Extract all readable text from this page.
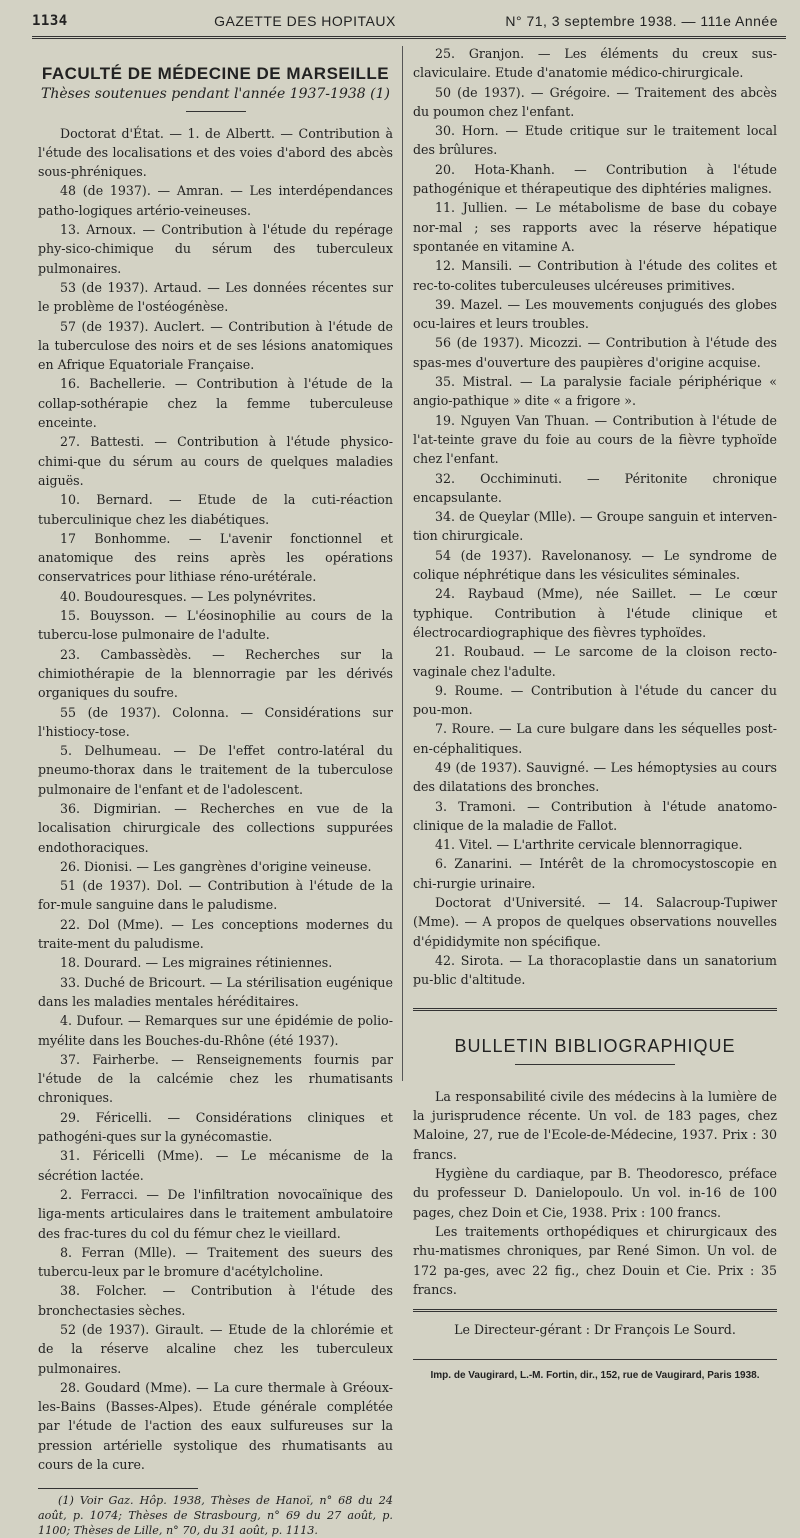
1134	GAZETTE DES HOPITAUX	N° 71, 3 septembre 1938. — 111e Année
FACULTÉ DE MÉDECINE DE MARSEILLE
Thèses soutenues pendant l'année 1937-1938 (1)

Doctorat d'État. — 1. de Albertt. — Contribution à l'étude des localisations et des voies d'abord des abcès sous-phréniques.

48 (de 1937). — Amran. — Les interdépendances patho-logiques artério-veineuses.

13. Arnoux. — Contribution à l'étude du repérage phy-sico-chimique du sérum des tuberculeux pulmonaires.

53 (de 1937). Artaud. — Les données récentes sur le problème de l'ostéogénèse.

57 (de 1937). Auclert. — Contribution à l'étude de la tuberculose des noirs et de ses lésions anatomiques en Afrique Equatoriale Française.

16. Bachellerie. — Contribution à l'étude de la collap-sothérapie chez la femme tuberculeuse enceinte.

27. Battesti. — Contribution à l'étude physico-chimi-que du sérum au cours de quelques maladies aiguës.

10. Bernard. — Etude de la cuti-réaction tuberculinique chez les diabétiques.

17 Bonhomme. — L'avenir fonctionnel et anatomique des reins après les opérations conservatrices pour lithiase réno-urétérale.

40. Boudouresques. — Les polynévrites.

15. Bouysson. — L'éosinophilie au cours de la tubercu-lose pulmonaire de l'adulte.

23. Cambassèdès. — Recherches sur la chimiothérapie de la blennorragie par les dérivés organiques du soufre.

55 (de 1937). Colonna. — Considérations sur l'histiocy-tose.

5. Delhumeau. — De l'effet contro-latéral du pneumo-thorax dans le traitement de la tuberculose pulmonaire de l'enfant et de l'adolescent.

36. Digmirian. — Recherches en vue de la localisation chirurgicale des collections suppurées endothoraciques.

26. Dionisi. — Les gangrènes d'origine veineuse.

51 (de 1937). Dol. — Contribution à l'étude de la for-mule sanguine dans le paludisme.

22. Dol (Mme). — Les conceptions modernes du traite-ment du paludisme.

18. Dourard. — Les migraines rétiniennes.

33. Duché de Bricourt. — La stérilisation eugénique dans les maladies mentales héréditaires.

4. Dufour. — Remarques sur une épidémie de polio-myélite dans les Bouches-du-Rhône (été 1937).

37. Fairherbe. — Renseignements fournis par l'étude de la calcémie chez les rhumatisants chroniques.

29. Féricelli. — Considérations cliniques et pathogéni-ques sur la gynécomastie.

31. Féricelli (Mme). — Le mécanisme de la sécrétion lactée.

2. Ferracci. — De l'infiltration novocaïnique des liga-ments articulaires dans le traitement ambulatoire des frac-tures du col du fémur chez le vieillard.

8. Ferran (Mlle). — Traitement des sueurs des tubercu-leux par le bromure d'acétylcholine.

38. Folcher. — Contribution à l'étude des bronchectasies sèches.

52 (de 1937). Girault. — Etude de la chlorémie et de la réserve alcaline chez les tuberculeux pulmonaires.

28. Goudard (Mme). — La cure thermale à Gréoux-les-Bains (Basses-Alpes). Etude générale complétée par l'étude de l'action des eaux sulfureuses sur la pression artérielle systolique des rhumatisants au cours de la cure.

(1) Voir Gaz. Hôp. 1938, Thèses de Hanoï, n° 68 du 24 août, p. 1074; Thèses de Strasbourg, n° 69 du 27 août, p. 1100; Thèses de Lille, n° 70, du 31 août, p. 1113.

25. Granjon. — Les éléments du creux sus-claviculaire. Etude d'anatomie médico-chirurgicale.

50 (de 1937). — Grégoire. — Traitement des abcès du poumon chez l'enfant.

30. Horn. — Etude critique sur le traitement local des brûlures.

20. Hota-Khanh. — Contribution à l'étude pathogénique et thérapeutique des diphtéries malignes.

11. Jullien. — Le métabolisme de base du cobaye nor-mal ; ses rapports avec la réserve hépatique spontanée en vitamine A.

12. Mansili. — Contribution à l'étude des colites et rec-to-colites tuberculeuses ulcéreuses primitives.

39. Mazel. — Les mouvements conjugués des globes ocu-laires et leurs troubles.

56 (de 1937). Micozzi. — Contribution à l'étude des spas-mes d'ouverture des paupières d'origine acquise.

35. Mistral. — La paralysie faciale périphérique « angio-pathique » dite « a frigore ».

19. Nguyen Van Thuan. — Contribution à l'étude de l'at-teinte grave du foie au cours de la fièvre typhoïde chez l'enfant.

32. Occhiminuti. — Péritonite chronique encapsulante.

34. de Queylar (Mlle). — Groupe sanguin et interven-tion chirurgicale.

54 (de 1937). Ravelonanosy. — Le syndrome de colique néphrétique dans les vésiculites séminales.

24. Raybaud (Mme), née Saillet. — Le cœur typhique. Contribution à l'étude clinique et électrocardiographique des fièvres typhoïdes.

21. Roubaud. — Le sarcome de la cloison recto-vaginale chez l'adulte.

9. Roume. — Contribution à l'étude du cancer du pou-mon.

7. Roure. — La cure bulgare dans les séquelles post-en-céphalitiques.

49 (de 1937). Sauvigné. — Les hémoptysies au cours des dilatations des bronches.

3. Tramoni. — Contribution à l'étude anatomo-clinique de la maladie de Fallot.

41. Vitel. — L'arthrite cervicale blennorragique.

6. Zanarini. — Intérêt de la chromocystoscopie en chi-rurgie urinaire.

Doctorat d'Université. — 14. Salacroup-Tupiwer (Mme). — A propos de quelques observations nouvelles d'épididymite non spécifique.

42. Sirota. — La thoracoplastie dans un sanatorium pu-blic d'altitude.

BULLETIN BIBLIOGRAPHIQUE

La responsabilité civile des médecins à la lumière de la jurisprudence récente. Un vol. de 183 pages, chez Maloine, 27, rue de l'Ecole-de-Médecine, 1937. Prix : 30 francs.

Hygiène du cardiaque, par B. Theodoresco, préface du professeur D. Danielopoulo. Un vol. in-16 de 100 pages, chez Doin et Cie, 1938. Prix : 100 francs.

Les traitements orthopédiques et chirurgicaux des rhu-matismes chroniques, par René Simon. Un vol. de 172 pa-ges, avec 22 fig., chez Douin et Cie. Prix : 35 francs.

Le Directeur-gérant : Dr François Le Sourd.
Imp. de Vaugirard, L.-M. Fortin, dir., 152, rue de Vaugirard, Paris 1938.
